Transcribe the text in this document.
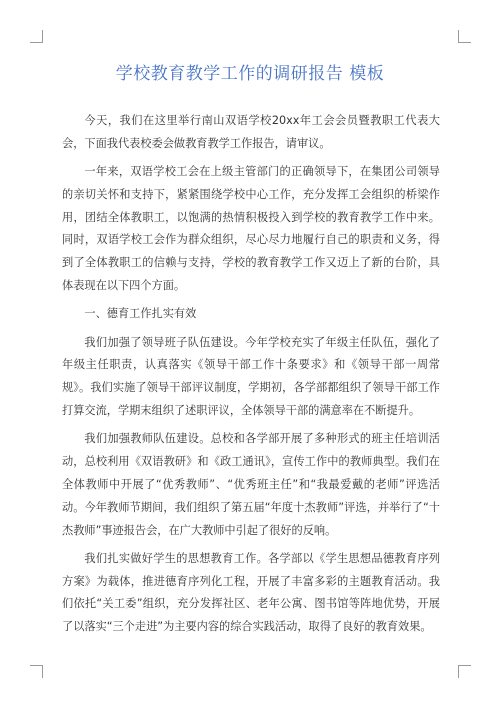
学校教育教学工作的调研报告 模板

今天，我们在这里举行南山双语学校20xx年工会会员暨教职工代表大会，下面我代表校委会做教育教学工作报告，请审议。

一年来，双语学校工会在上级主管部门的正确领导下，在集团公司领导的亲切关怀和支持下，紧紧围绕学校中心工作，充分发挥工会组织的桥梁作用，团结全体教职工，以饱满的热情积极投入到学校的教育教学工作中来。同时，双语学校工会作为群众组织，尽心尽力地履行自己的职责和义务，得到了全体教职工的信赖与支持，学校的教育教学工作又迈上了新的台阶，具体表现在以下四个方面。

一、德育工作扎实有效

我们加强了领导班子队伍建设。今年学校充实了年级主任队伍，强化了年级主任职责，认真落实《领导干部工作十条要求》和《领导干部一周常规》。我们实施了领导干部评议制度，学期初，各学部都组织了领导干部工作打算交流，学期末组织了述职评议，全体领导干部的满意率在不断提升。

我们加强教师队伍建设。总校和各学部开展了多种形式的班主任培训活动，总校利用《双语教研》和《政工通讯》，宣传工作中的教师典型。我们在全体教师中开展了“优秀教师”、“优秀班主任”和“我最爱戴的老师”评选活动。今年教师节期间，我们组织了第五届“年度十杰教师”评选，并举行了“十杰教师”事迹报告会，在广大教师中引起了很好的反响。

我们扎实做好学生的思想教育工作。各学部以《学生思想品德教育序列方案》为载体，推进德育序列化工程，开展了丰富多彩的主题教育活动。我们依托“关工委”组织，充分发挥社区、老年公寓、图书馆等阵地优势，开展了以落实“三个走进”为主要内容的综合实践活动，取得了良好的教育效果。
